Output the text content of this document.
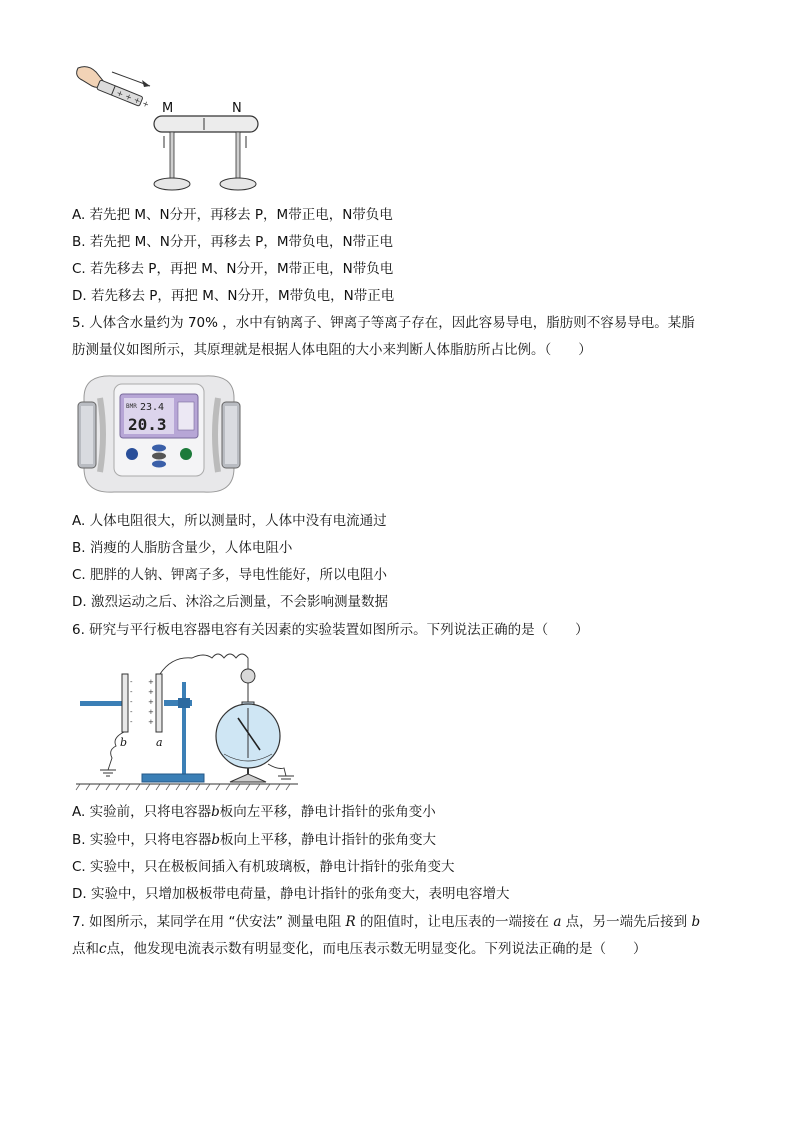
+ + + + M	N
A. 若先把 M、N分开，再移去 P，M带正电，N带负电
B. 若先把 M、N分开，再移去 P，M带负电，N带正电
C. 若先移去 P，再把 M、N分开，M带正电，N带负电
D. 若先移去 P，再把 M、N分开，M带负电，N带正电
5. 人体含水量约为 70% ，水中有钠离子、钾离子等离子存在，因此容易导电，脂肪则不容易导电。某脂
肪测量仪如图所示，其原理就是根据人体电阻的大小来判断人体脂肪所占比例。（　　）
BMR 23.4
20.3
A. 人体电阻很大，所以测量时，人体中没有电流通过
B. 消瘦的人脂肪含量少，人体电阻小
C. 肥胖的人钠、钾离子多，导电性能好，所以电阻小
D. 激烈运动之后、沐浴之后测量，不会影响测量数据
6. 研究与平行板电容器电容有关因素的实验装置如图所示。下列说法正确的是（　　）
-
-
-
-
-
+
+
+
+
+
b	a
A. 实验前，只将电容器b板向左平移，静电计指针的张角变小
B. 实验中，只将电容器b板向上平移，静电计指针的张角变大
C. 实验中，只在极板间插入有机玻璃板，静电计指针的张角变大
D. 实验中，只增加极板带电荷量，静电计指针的张角变大，表明电容增大
7. 如图所示，某同学在用 “伏安法” 测量电阻 R 的阻值时，让电压表的一端接在 a 点，另一端先后接到 b
点和c点，他发现电流表示数有明显变化，而电压表示数无明显变化。下列说法正确的是（　　）
